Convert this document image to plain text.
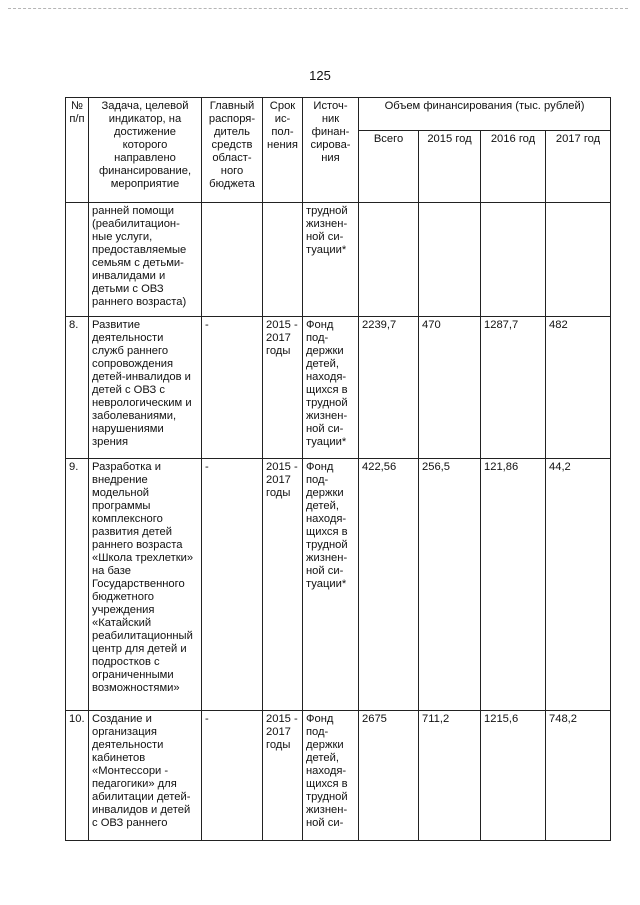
125
№ п/п	Задача, целевой индикатор, на достижение которого направлено финансирование, мероприятие	Главный распоря-дитель средств област-ного бюджета	Срок ис-пол-нения	Источ-ник финан-сирова-ния	Объем финансирования (тыс. рублей)			
					Всего	2015 год	2016 год	2017 год
	ранней помощи (реабилитацион-ные услуги, предоставляемые семьям с детьми-инвалидами и детьми с ОВЗ раннего возраста)			трудной жизнен-ной си-туации*				
8.	Развитие деятельности служб раннего сопровождения детей-инвалидов и детей с ОВЗ с неврологическим и заболеваниями, нарушениями зрения	-	2015 - 2017 годы	Фонд под-держки детей, находя-щихся в трудной жизнен-ной си-туации*	2239,7	470	1287,7	482
9.	Разработка и внедрение модельной программы комплексного развития детей раннего возраста «Школа трехлетки» на базе Государственного бюджетного учреждения «Катайский реабилитационный центр для детей и подростков с ограниченными возможностями»	-	2015 - 2017 годы	Фонд под-держки детей, находя-щихся в трудной жизнен-ной си-туации*	422,56	256,5	121,86	44,2
10.	Создание и организация деятельности кабинетов «Монтессори - педагогики» для абилитации детей-инвалидов и детей с ОВЗ раннего	-	2015 - 2017 годы	Фонд под-держки детей, находя-щихся в трудной жизнен-ной си-	2675	711,2	1215,6	748,2
